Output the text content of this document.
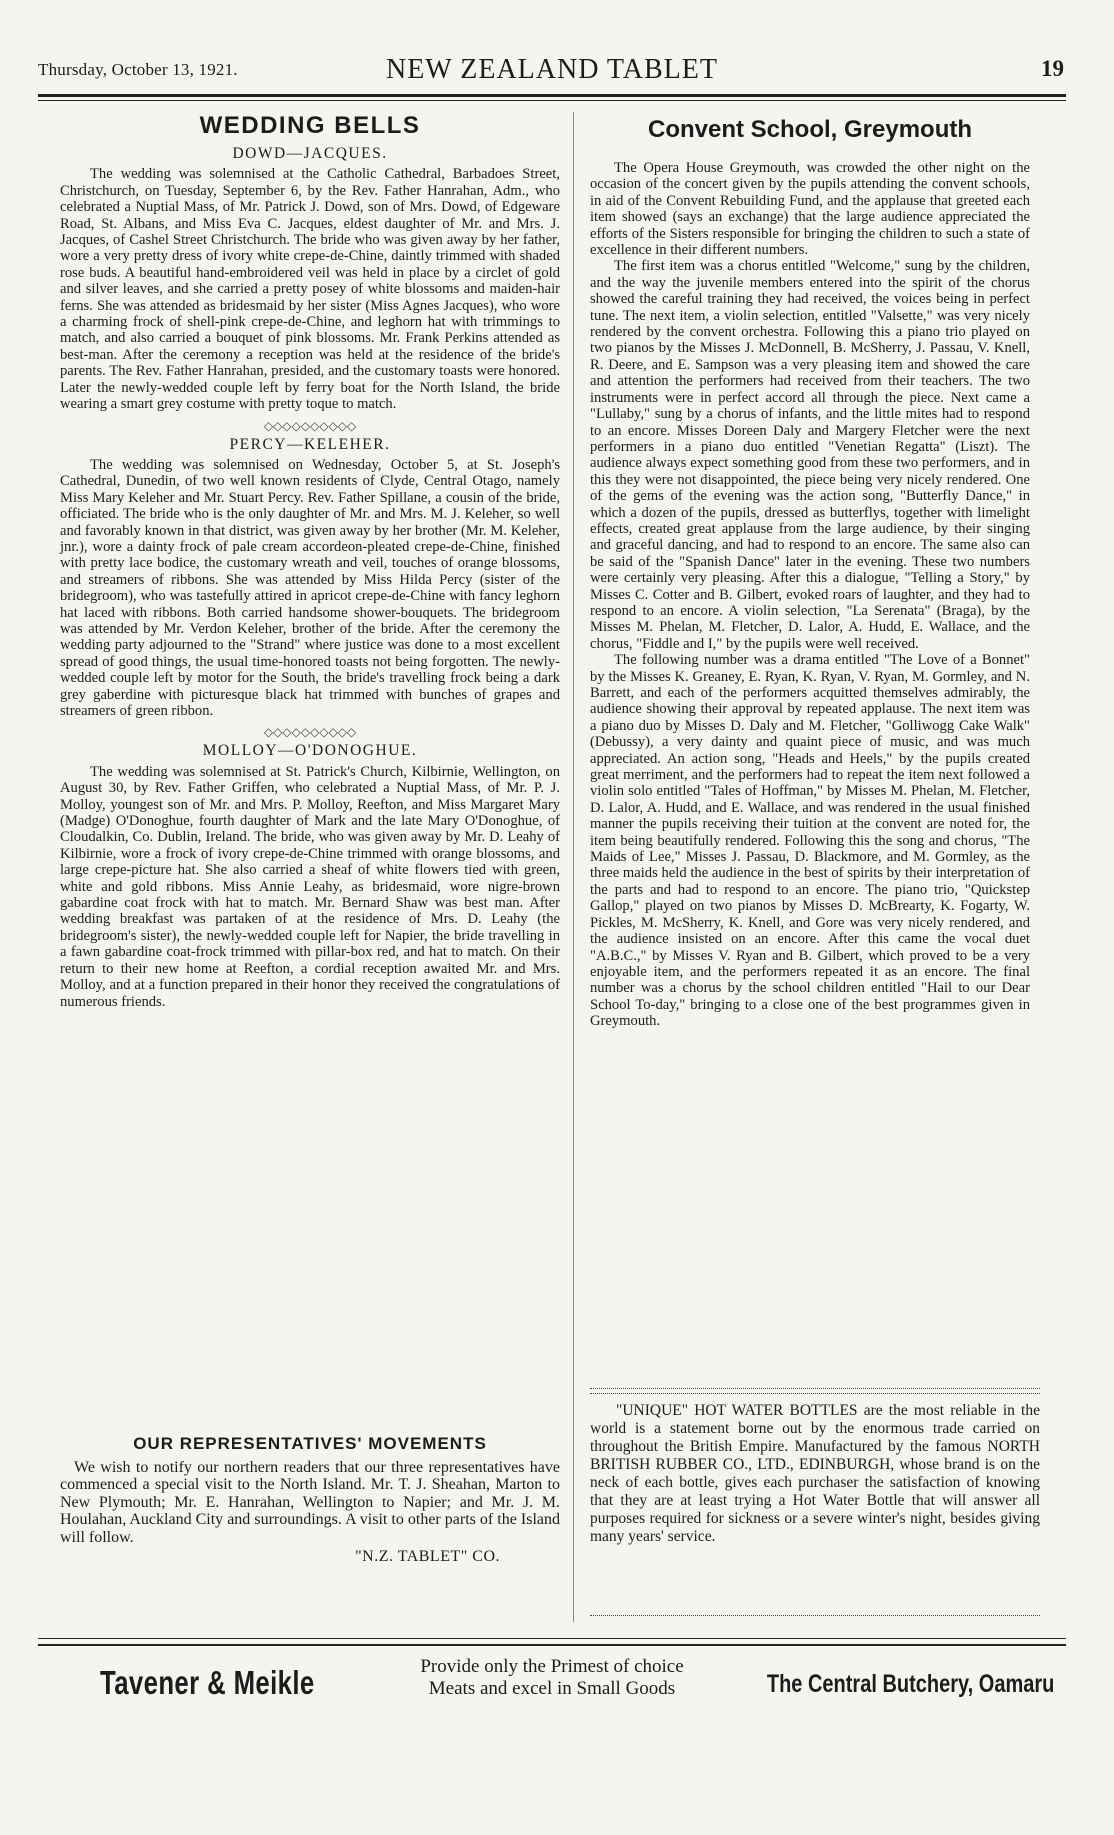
Thursday, October 13, 1921.	NEW ZEALAND TABLET	19
WEDDING BELLS
DOWD—JACQUES.

The wedding was solemnised at the Catholic Cathedral, Barbadoes Street, Christchurch, on Tuesday, September 6, by the Rev. Father Hanrahan, Adm., who celebrated a Nuptial Mass, of Mr. Patrick J. Dowd, son of Mrs. Dowd, of Edgeware Road, St. Albans, and Miss Eva C. Jacques, eldest daughter of Mr. and Mrs. J. Jacques, of Cashel Street Christchurch. The bride who was given away by her father, wore a very pretty dress of ivory white crepe-de-Chine, daintly trimmed with shaded rose buds. A beautiful hand-embroidered veil was held in place by a circlet of gold and silver leaves, and she carried a pretty posey of white blossoms and maiden-hair ferns. She was attended as bridesmaid by her sister (Miss Agnes Jacques), who wore a charming frock of shell-pink crepe-de-Chine, and leghorn hat with trimmings to match, and also carried a bouquet of pink blossoms. Mr. Frank Perkins attended as best-man. After the ceremony a reception was held at the residence of the bride's parents. The Rev. Father Hanrahan, presided, and the customary toasts were honored. Later the newly-wedded couple left by ferry boat for the North Island, the bride wearing a smart grey costume with pretty toque to match.

◇◇◇◇◇◇◇◇◇◇
PERCY—KELEHER.

The wedding was solemnised on Wednesday, October 5, at St. Joseph's Cathedral, Dunedin, of two well known residents of Clyde, Central Otago, namely Miss Mary Keleher and Mr. Stuart Percy. Rev. Father Spillane, a cousin of the bride, officiated. The bride who is the only daughter of Mr. and Mrs. M. J. Keleher, so well and favorably known in that district, was given away by her brother (Mr. M. Keleher, jnr.), wore a dainty frock of pale cream accordeon-pleated crepe-de-Chine, finished with pretty lace bodice, the customary wreath and veil, touches of orange blossoms, and streamers of ribbons. She was attended by Miss Hilda Percy (sister of the bridegroom), who was tastefully attired in apricot crepe-de-Chine with fancy leghorn hat laced with ribbons. Both carried handsome shower-bouquets. The bridegroom was attended by Mr. Verdon Keleher, brother of the bride. After the ceremony the wedding party adjourned to the "Strand" where justice was done to a most excellent spread of good things, the usual time-honored toasts not being forgotten. The newly-wedded couple left by motor for the South, the bride's travelling frock being a dark grey gaberdine with picturesque black hat trimmed with bunches of grapes and streamers of green ribbon.

◇◇◇◇◇◇◇◇◇◇
MOLLOY—O'DONOGHUE.

The wedding was solemnised at St. Patrick's Church, Kilbirnie, Wellington, on August 30, by Rev. Father Griffen, who celebrated a Nuptial Mass, of Mr. P. J. Molloy, youngest son of Mr. and Mrs. P. Molloy, Reefton, and Miss Margaret Mary (Madge) O'Donoghue, fourth daughter of Mark and the late Mary O'Donoghue, of Cloudalkin, Co. Dublin, Ireland. The bride, who was given away by Mr. D. Leahy of Kilbirnie, wore a frock of ivory crepe-de-Chine trimmed with orange blossoms, and large crepe-picture hat. She also carried a sheaf of white flowers tied with green, white and gold ribbons. Miss Annie Leahy, as bridesmaid, wore nigre-brown gabardine coat frock with hat to match. Mr. Bernard Shaw was best man. After wedding breakfast was partaken of at the residence of Mrs. D. Leahy (the bridegroom's sister), the newly-wedded couple left for Napier, the bride travelling in a fawn gabardine coat-frock trimmed with pillar-box red, and hat to match. On their return to their new home at Reefton, a cordial reception awaited Mr. and Mrs. Molloy, and at a function prepared in their honor they received the congratulations of numerous friends.

OUR REPRESENTATIVES' MOVEMENTS

We wish to notify our northern readers that our three representatives have commenced a special visit to the North Island. Mr. T. J. Sheahan, Marton to New Plymouth; Mr. E. Hanrahan, Wellington to Napier; and Mr. J. M. Houlahan, Auckland City and surroundings. A visit to other parts of the Island will follow.

"N.Z. TABLET" CO.
Convent School, Greymouth

The Opera House Greymouth, was crowded the other night on the occasion of the concert given by the pupils attending the convent schools, in aid of the Convent Rebuilding Fund, and the applause that greeted each item showed (says an exchange) that the large audience appreciated the efforts of the Sisters responsible for bringing the children to such a state of excellence in their different numbers.

The first item was a chorus entitled "Welcome," sung by the children, and the way the juvenile members entered into the spirit of the chorus showed the careful training they had received, the voices being in perfect tune. The next item, a violin selection, entitled "Valsette," was very nicely rendered by the convent orchestra. Following this a piano trio played on two pianos by the Misses J. McDonnell, B. McSherry, J. Passau, V. Knell, R. Deere, and E. Sampson was a very pleasing item and showed the care and attention the performers had received from their teachers. The two instruments were in perfect accord all through the piece. Next came a "Lullaby," sung by a chorus of infants, and the little mites had to respond to an encore. Misses Doreen Daly and Margery Fletcher were the next performers in a piano duo entitled "Venetian Regatta" (Liszt). The audience always expect something good from these two performers, and in this they were not disappointed, the piece being very nicely rendered. One of the gems of the evening was the action song, "Butterfly Dance," in which a dozen of the pupils, dressed as butterflys, together with limelight effects, created great applause from the large audience, by their singing and graceful dancing, and had to respond to an encore. The same also can be said of the "Spanish Dance" later in the evening. These two numbers were certainly very pleasing. After this a dialogue, "Telling a Story," by Misses C. Cotter and B. Gilbert, evoked roars of laughter, and they had to respond to an encore. A violin selection, "La Serenata" (Braga), by the Misses M. Phelan, M. Fletcher, D. Lalor, A. Hudd, E. Wallace, and the chorus, "Fiddle and I," by the pupils were well received.

The following number was a drama entitled "The Love of a Bonnet" by the Misses K. Greaney, E. Ryan, K. Ryan, V. Ryan, M. Gormley, and N. Barrett, and each of the performers acquitted themselves admirably, the audience showing their approval by repeated applause. The next item was a piano duo by Misses D. Daly and M. Fletcher, "Golliwogg Cake Walk" (Debussy), a very dainty and quaint piece of music, and was much appreciated. An action song, "Heads and Heels," by the pupils created great merriment, and the performers had to repeat the item next followed a violin solo entitled "Tales of Hoffman," by Misses M. Phelan, M. Fletcher, D. Lalor, A. Hudd, and E. Wallace, and was rendered in the usual finished manner the pupils receiving their tuition at the convent are noted for, the item being beautifully rendered. Following this the song and chorus, "The Maids of Lee," Misses J. Passau, D. Blackmore, and M. Gormley, as the three maids held the audience in the best of spirits by their interpretation of the parts and had to respond to an encore. The piano trio, "Quickstep Gallop," played on two pianos by Misses D. McBrearty, K. Fogarty, W. Pickles, M. McSherry, K. Knell, and Gore was very nicely rendered, and the audience insisted on an encore. After this came the vocal duet "A.B.C.," by Misses V. Ryan and B. Gilbert, which proved to be a very enjoyable item, and the performers repeated it as an encore. The final number was a chorus by the school children entitled "Hail to our Dear School To-day," bringing to a close one of the best programmes given in Greymouth.

"UNIQUE" HOT WATER BOTTLES are the most reliable in the world is a statement borne out by the enormous trade carried on throughout the British Empire. Manufactured by the famous NORTH BRITISH RUBBER CO., LTD., EDINBURGH, whose brand is on the neck of each bottle, gives each purchaser the satisfaction of knowing that they are at least trying a Hot Water Bottle that will answer all purposes required for sickness or a severe winter's night, besides giving many years' service.

Tavener & Meikle	Provide only the Primest of choice
Meats and excel in Small Goods	The Central Butchery, Oamaru
